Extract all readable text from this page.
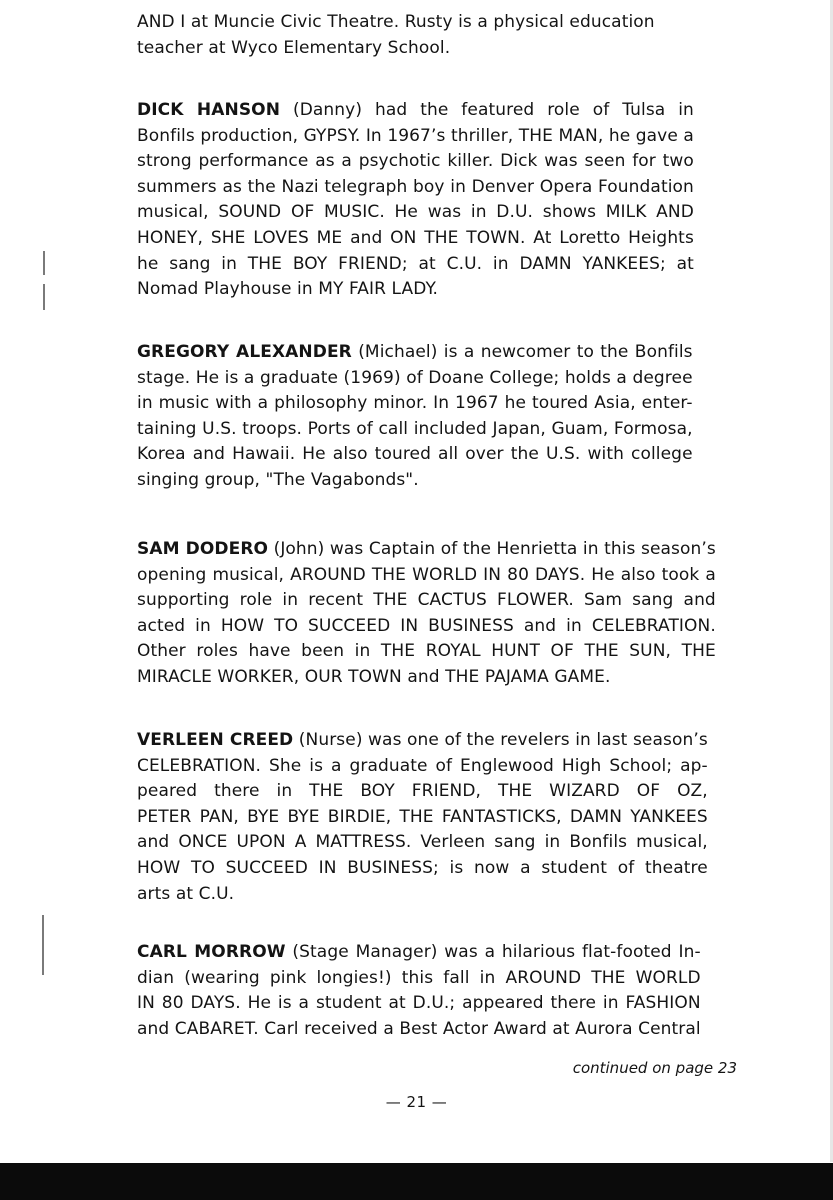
AND I at Muncie Civic Theatre. Rusty is a physical education
teacher at Wyco Elementary School.
DICK HANSON (Danny) had the featured role of Tulsa in
Bonfils production, GYPSY. In 1967’s thriller, THE MAN, he gave a
strong performance as a psychotic killer. Dick was seen for two
summers as the Nazi telegraph boy in Denver Opera Foundation
musical, SOUND OF MUSIC. He was in D.U. shows MILK AND
HONEY, SHE LOVES ME and ON THE TOWN. At Loretto Heights
he sang in THE BOY FRIEND; at C.U. in DAMN YANKEES; at
Nomad Playhouse in MY FAIR LADY.
GREGORY ALEXANDER (Michael) is a newcomer to the Bonfils
stage. He is a graduate (1969) of Doane College; holds a degree
in music with a philosophy minor. In 1967 he toured Asia, enter-
taining U.S. troops. Ports of call included Japan, Guam, Formosa,
Korea and Hawaii. He also toured all over the U.S. with college
singing group, "The Vagabonds".
SAM DODERO (John) was Captain of the Henrietta in this season’s
opening musical, AROUND THE WORLD IN 80 DAYS. He also took a
supporting role in recent THE CACTUS FLOWER. Sam sang and
acted in HOW TO SUCCEED IN BUSINESS and in CELEBRATION.
Other roles have been in THE ROYAL HUNT OF THE SUN, THE
MIRACLE WORKER, OUR TOWN and THE PAJAMA GAME.
VERLEEN CREED (Nurse) was one of the revelers in last season’s
CELEBRATION. She is a graduate of Englewood High School; ap-
peared there in THE BOY FRIEND, THE WIZARD OF OZ,
PETER PAN, BYE BYE BIRDIE, THE FANTASTICKS, DAMN YANKEES
and ONCE UPON A MATTRESS. Verleen sang in Bonfils musical,
HOW TO SUCCEED IN BUSINESS; is now a student of theatre
arts at C.U.
CARL MORROW (Stage Manager) was a hilarious flat-footed In-
dian (wearing pink longies!) this fall in AROUND THE WORLD
IN 80 DAYS. He is a student at D.U.; appeared there in FASHION
and CABARET. Carl received a Best Actor Award at Aurora Central
continued on page 23
— 21 —
